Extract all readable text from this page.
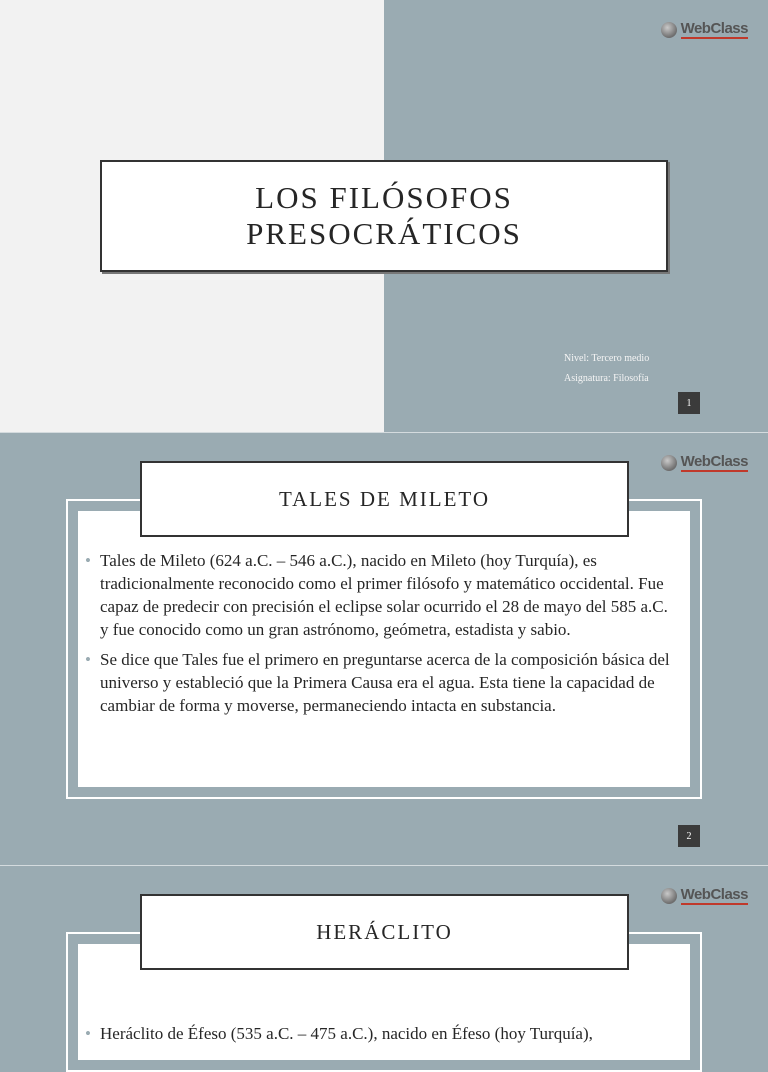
WebClass
LOS FILÓSOFOS
PRESOCRÁTICOS
Nivel: Tercero medio
Asignatura: Filosofía
1
WebClass
• Tales de Mileto (624 a.C. – 546 a.C.), nacido en Mileto (hoy Turquía), es tradicionalmente reconocido como el primer filósofo y matemático occidental. Fue capaz de predecir con precisión el eclipse solar ocurrido el 28 de mayo del 585 a.C. y fue conocido como un gran astrónomo, geómetra, estadista y sabio.
• Se dice que Tales fue el primero en preguntarse acerca de la composición básica del universo y estableció que la Primera Causa era el agua. Esta tiene la capacidad de cambiar de forma y moverse, permaneciendo intacta en substancia.
TALES DE MILETO
2
WebClass
• Heráclito de Éfeso (535 a.C. – 475 a.C.), nacido en Éfeso (hoy Turquía),
HERÁCLITO
